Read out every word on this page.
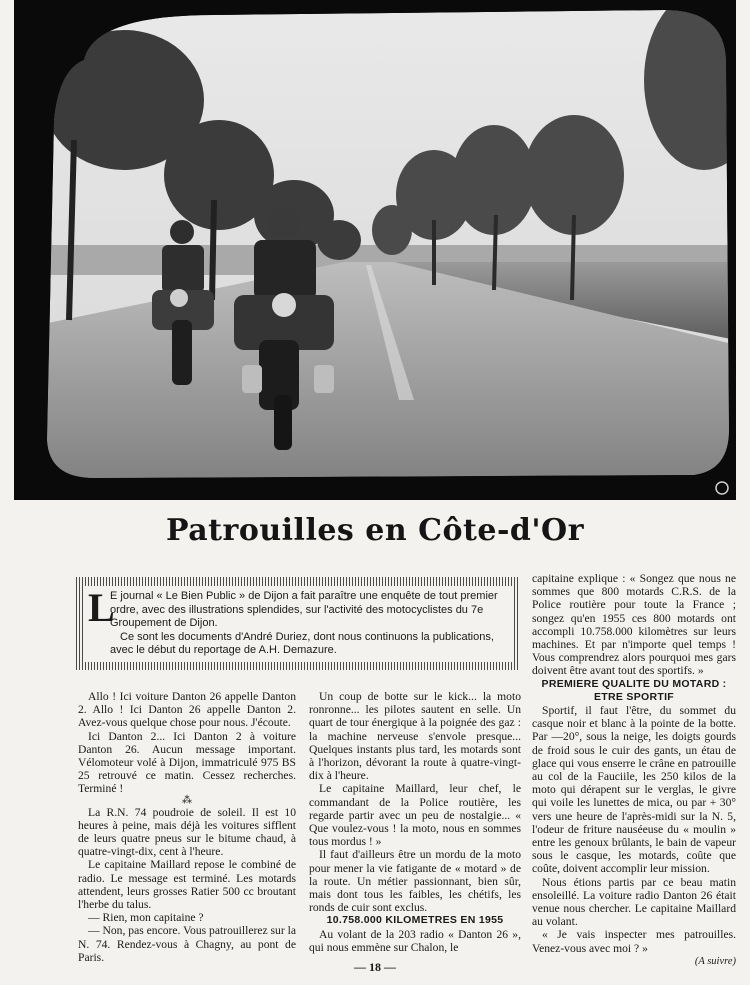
Patrouilles en Côte-d'Or
L

E journal « Le Bien Public » de Dijon a fait paraître une enquête de tout premier ordre, avec des illustrations splendides, sur l'activité des motocyclistes du 7e Groupement de Dijon.

Ce sont les documents d'André Duriez, dont nous continuons la publications, avec le début du reportage de A.H. Demazure.

Allo ! Ici voiture Danton 26 appelle Danton 2. Allo ! Ici Danton 26 appelle Danton 2. Avez-vous quelque chose pour nous. J'écoute.

Ici Danton 2... Ici Danton 2 à voiture Danton 26. Aucun message important. Vélomoteur volé à Dijon, immatriculé 975 BS 25 retrouvé ce matin. Cessez recherches. Terminé !

⁂

La R.N. 74 poudroie de soleil. Il est 10 heures à peine, mais déjà les voitures sifflent de leurs quatre pneus sur le bitume chaud, à quatre-vingt-dix, cent à l'heure.

Le capitaine Maillard repose le combiné de radio. Le message est terminé. Les motards attendent, leurs grosses Ratier 500 cc broutant l'herbe du talus.

— Rien, mon capitaine ?

— Non, pas encore. Vous patrouillerez sur la N. 74. Rendez-vous à Chagny, au pont de Paris.

Un coup de botte sur le kick... la moto ronronne... les pilotes sautent en selle. Un quart de tour énergique à la poignée des gaz : la machine nerveuse s'envole presque... Quelques instants plus tard, les motards sont à l'horizon, dévorant la route à quatre-vingt-dix à l'heure.

Le capitaine Maillard, leur chef, le commandant de la Police routière, les regarde partir avec un peu de nostalgie... « Que voulez-vous ! la moto, nous en sommes tous mordus ! »

Il faut d'ailleurs être un mordu de la moto pour mener la vie fatigante de « motard » de la route. Un métier passionnant, bien sûr, mais dont tous les faibles, les chétifs, les ronds de cuir sont exclus.

10.758.000 KILOMETRES EN 1955

Au volant de la 203 radio « Danton 26 », qui nous emmène sur Chalon, le

capitaine explique : « Songez que nous ne sommes que 800 motards C.R.S. de la Police routière pour toute la France ; songez qu'en 1955 ces 800 motards ont accompli 10.758.000 kilomètres sur leurs machines. Et par n'importe quel temps ! Vous comprendrez alors pourquoi mes gars doivent être avant tout des sportifs. »

PREMIERE QUALITE DU MOTARD : ETRE SPORTIF

Sportif, il faut l'être, du sommet du casque noir et blanc à la pointe de la botte. Par —20°, sous la neige, les doigts gourds de froid sous le cuir des gants, un étau de glace qui vous enserre le crâne en patrouille au col de la Fauciile, les 250 kilos de la moto qui dérapent sur le verglas, le givre qui voile les lunettes de mica, ou par + 30° vers une heure de l'après-midi sur la N. 5, l'odeur de friture nauséeuse du « moulin » entre les genoux brûlants, le bain de vapeur sous le casque, les motards, coûte que coûte, doivent accomplir leur mission.

Nous étions partis par ce beau matin ensoleillé. La voiture radio Danton 26 était venue nous chercher. Le capitaine Maillard au volant.

« Je vais inspecter mes patrouilles. Venez-vous avec moi ? »

(A suivre)

— 18 —
